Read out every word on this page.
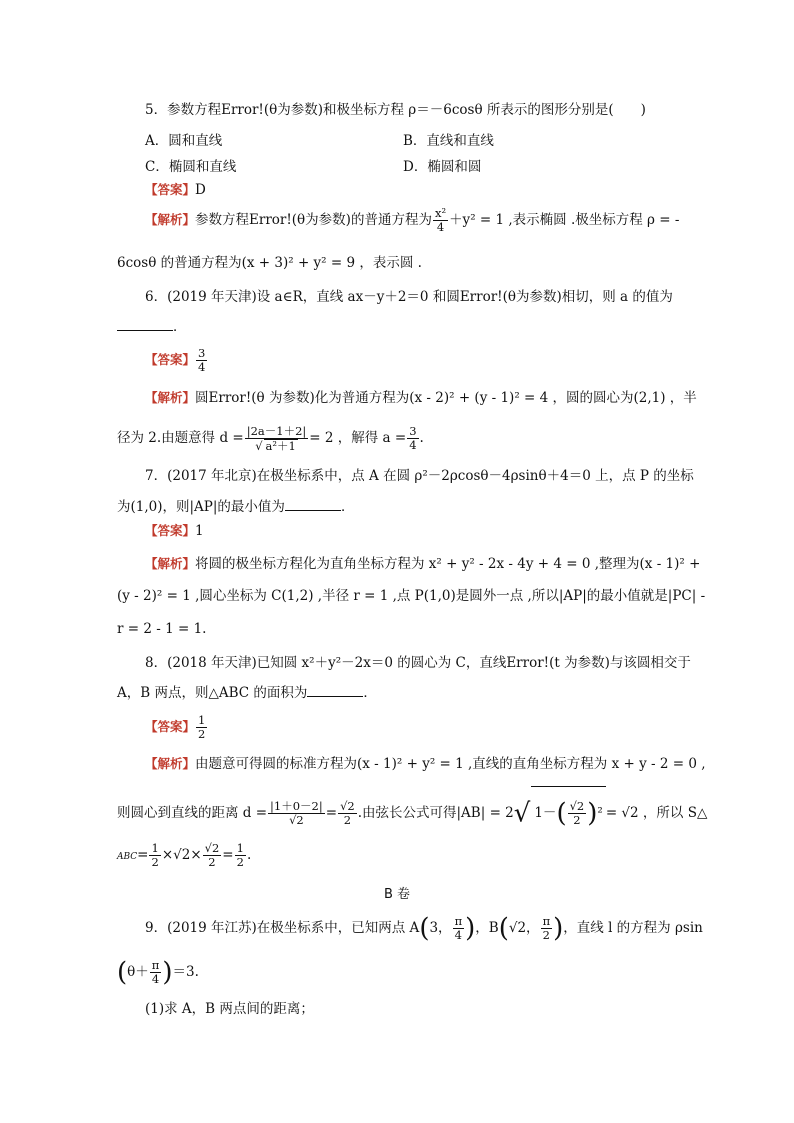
5．参数方程Error!(θ为参数)和极坐标方程 ρ＝－6cosθ 所表示的图形分别是(　　)
A．圆和直线	B．直线和直线
C．椭圆和直线	D．椭圆和圆
【答案】D
【解析】参数方程Error!(θ为参数)的普通方程为 $\frac{\text{x²}}{4} +y^2 = 1$ ,表示椭圆 .极坐标方程 ρ = -
6cosθ 的普通方程为(x + 3)² + y² = 9 ，表示圆 .
6．(2019 年天津)设 a∈R，直线 ax－y＋2＝0 和圆Error!(θ为参数)相切，则 a 的值为
．
【答案】 $\frac{3}{4}$
【解析】圆Error!(θ 为参数)化为普通方程为(x - 2)² + (y - 1)² = 4 ，圆的圆心为(2,1) ，半
径为 2.由题意得 d = |2a－1＋2|
√ a²＋1 = 2 ，解得 $a = \frac{3}{4}$ .
7．(2017 年北京)在极坐标系中，点 A 在圆 ρ²－2ρcosθ－4ρsinθ＋4＝0 上，点 P 的坐标
为(1,0)，则|AP|的最小值为	．
【答案】1
【解析】将圆的极坐标方程化为直角坐标方程为 x² + y² - 2x - 4y + 4 = 0 ,整理为(x - 1)² +
(y - 2)² = 1 ,圆心坐标为 C(1,2) ,半径 r = 1 ,点 P(1,0)是圆外一点 ,所以|AP|的最小值就是|PC| -
r = 2 - 1 = 1.
8．(2018 年天津)已知圆 x²＋y²－2x＝0 的圆心为 C，直线Error!(t 为参数)与该圆相交于
A，B 两点，则△ABC 的面积为	．
【答案】 $\frac{1}{2}$
【解析】由题意可得圆的标准方程为(x - 1)² + y² = 1 ,直线的直角坐标方程为 x + y - 2 = 0 ,
则圆心到直线的距离 $d = \frac{|1+0-2|}{√2} = \frac{√2}{2}$ .由弦长公式可得|AB| = 2√ $1-( \frac{√2}{2} )^2 = √2$ ，所以 S△
$ABC= \frac{1}{2} \times√2\times \frac{√2}{2} = \frac{1}{2}$ .
B 卷
9．(2019 年江苏)在极坐标系中，已知两点 A(3， $\frac{\pi}{4}$ )，B(√2， $\frac{\pi}{2}$ )，直线 l 的方程为 ρsin
$(\theta+ \frac{\pi}{4} )=3$.
(1)求 A，B 两点间的距离；
